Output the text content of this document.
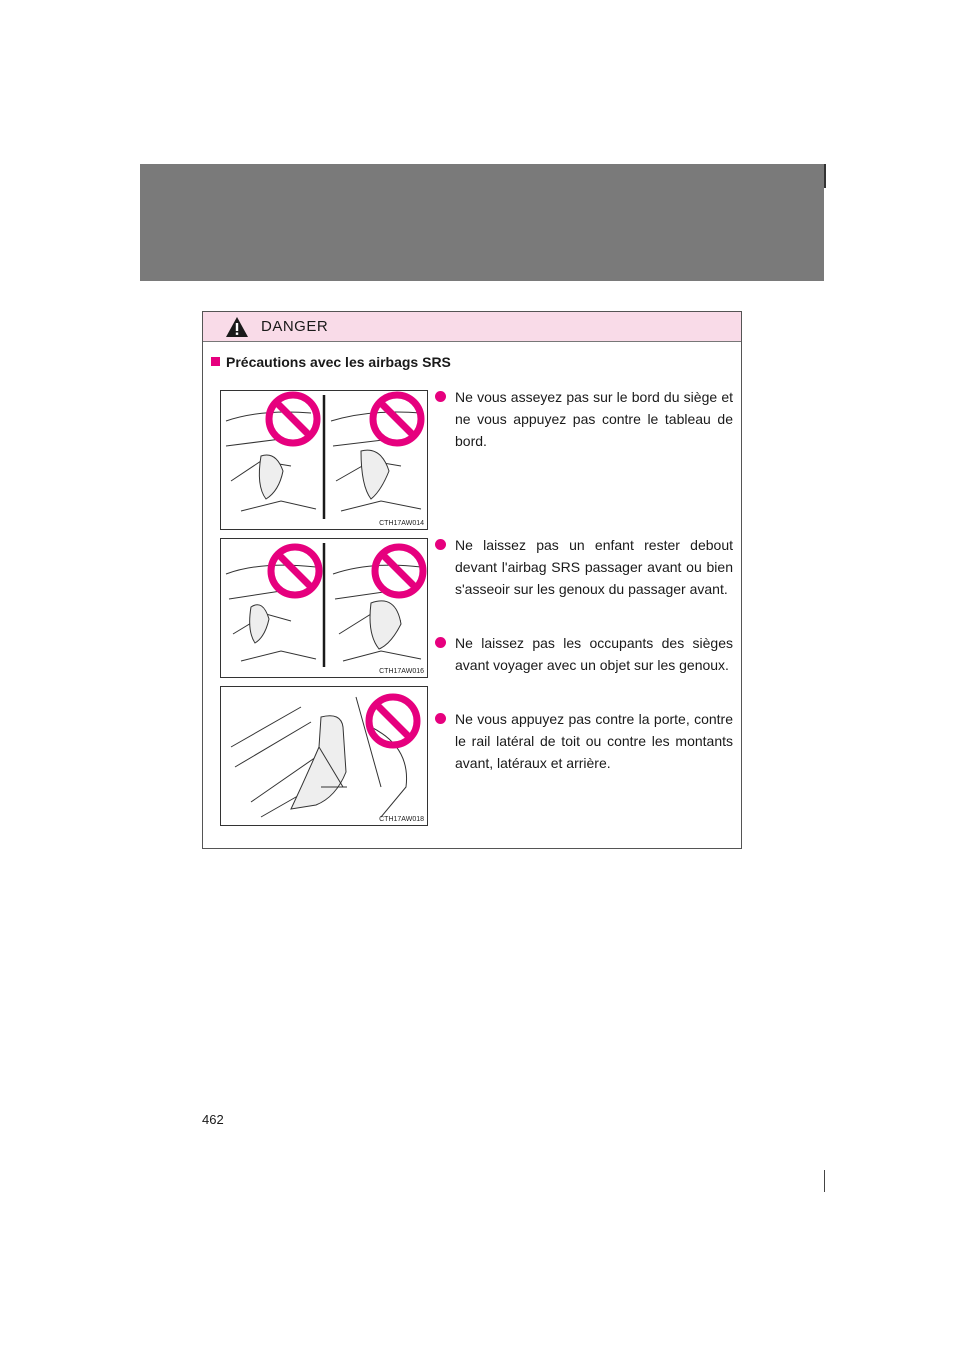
DANGER
Précautions avec les airbags SRS
CTH17AW014
CTH17AW016
CTH17AW018
Ne vous asseyez pas sur le bord du siège et ne vous appuyez pas contre le tableau de bord.
Ne laissez pas un enfant rester debout devant l'airbag SRS passager avant ou bien s'asseoir sur les genoux du passager avant.
Ne laissez pas les occupants des sièges avant voyager avec un objet sur les genoux.
Ne vous appuyez pas contre la porte, contre le rail latéral de toit ou contre les montants avant, latéraux et arrière.
462
